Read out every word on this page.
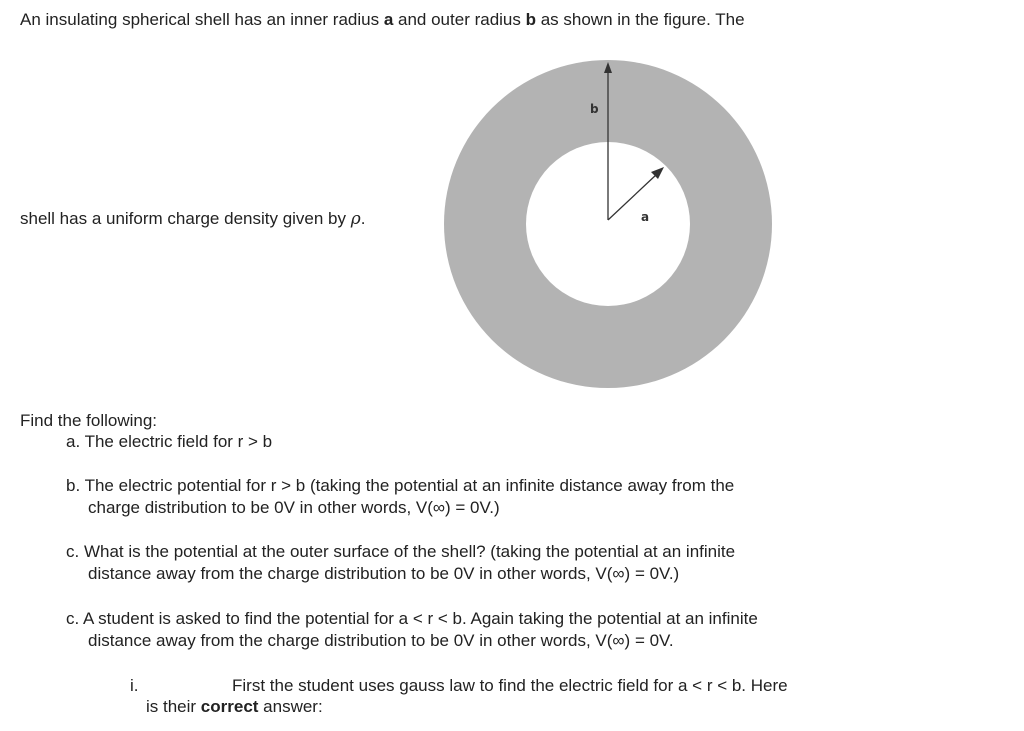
An insulating spherical shell has an inner radius a and outer radius b as shown in the figure. The
shell has a uniform charge density given by ρ.
b
a
Find the following:
a. The electric field for r > b
b. The electric potential for r > b (taking the potential at an infinite distance away from the
charge distribution to be 0V in other words, V(∞) = 0V.)
c. What is the potential at the outer surface of the shell? (taking the potential at an infinite
distance away from the charge distribution to be 0V in other words, V(∞) = 0V.)
c. A student is asked to find the potential for a < r < b. Again taking the potential at an infinite
distance away from the charge distribution to be 0V in other words, V(∞) = 0V.
i.	First the student uses gauss law to find the electric field for a < r < b. Here
is their correct answer:
